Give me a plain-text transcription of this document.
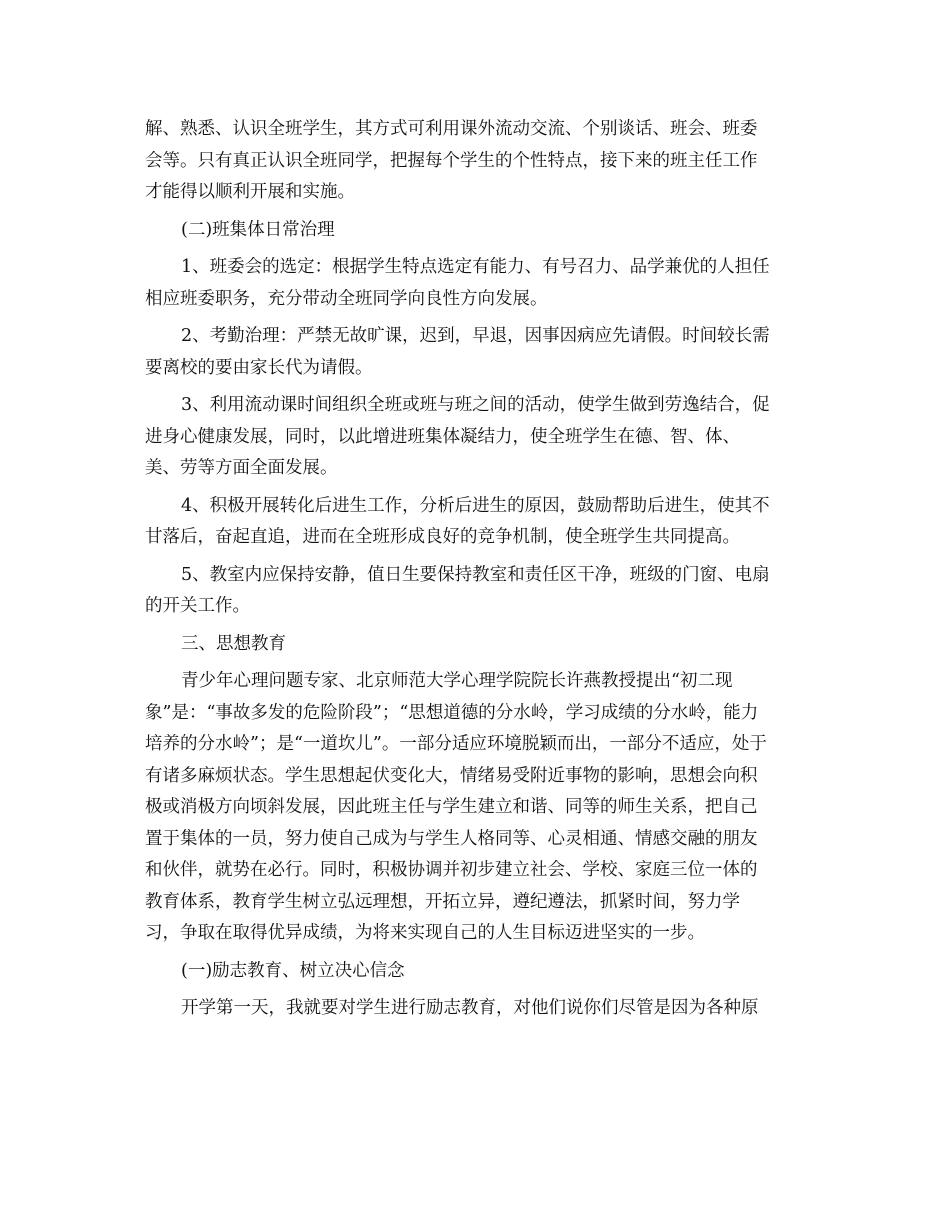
解、熟悉、认识全班学生，其方式可利用课外流动交流、个别谈话、班会、班委
会等。只有真正认识全班同学，把握每个学生的个性特点，接下来的班主任工作
才能得以顺利开展和实施。
(二)班集体日常治理
1、班委会的选定：根据学生特点选定有能力、有号召力、品学兼优的人担任
相应班委职务，充分带动全班同学向良性方向发展。
2、考勤治理：严禁无故旷课，迟到，早退，因事因病应先请假。时间较长需
要离校的要由家长代为请假。
3、利用流动课时间组织全班或班与班之间的活动，使学生做到劳逸结合，促
进身心健康发展，同时，以此增进班集体凝结力，使全班学生在德、智、体、
美、劳等方面全面发展。
4、积极开展转化后进生工作，分析后进生的原因，鼓励帮助后进生，使其不
甘落后，奋起直追，进而在全班形成良好的竞争机制，使全班学生共同提高。
5、教室内应保持安静，值日生要保持教室和责任区干净，班级的门窗、电扇
的开关工作。
三、思想教育
青少年心理问题专家、北京师范大学心理学院院长许燕教授提出“初二现
象”是：“事故多发的危险阶段”；“思想道德的分水岭，学习成绩的分水岭，能力
培养的分水岭”；是“一道坎儿”。一部分适应环境脱颖而出，一部分不适应，处于
有诸多麻烦状态。学生思想起伏变化大，情绪易受附近事物的影响，思想会向积
极或消极方向顷斜发展，因此班主任与学生建立和谐、同等的师生关系，把自己
置于集体的一员，努力使自己成为与学生人格同等、心灵相通、情感交融的朋友
和伙伴，就势在必行。同时，积极协调并初步建立社会、学校、家庭三位一体的
教育体系，教育学生树立弘远理想，开拓立异，遵纪遵法，抓紧时间，努力学
习，争取在取得优异成绩，为将来实现自己的人生目标迈进坚实的一步。
(一)励志教育、树立决心信念
开学第一天，我就要对学生进行励志教育，对他们说你们尽管是因为各种原
